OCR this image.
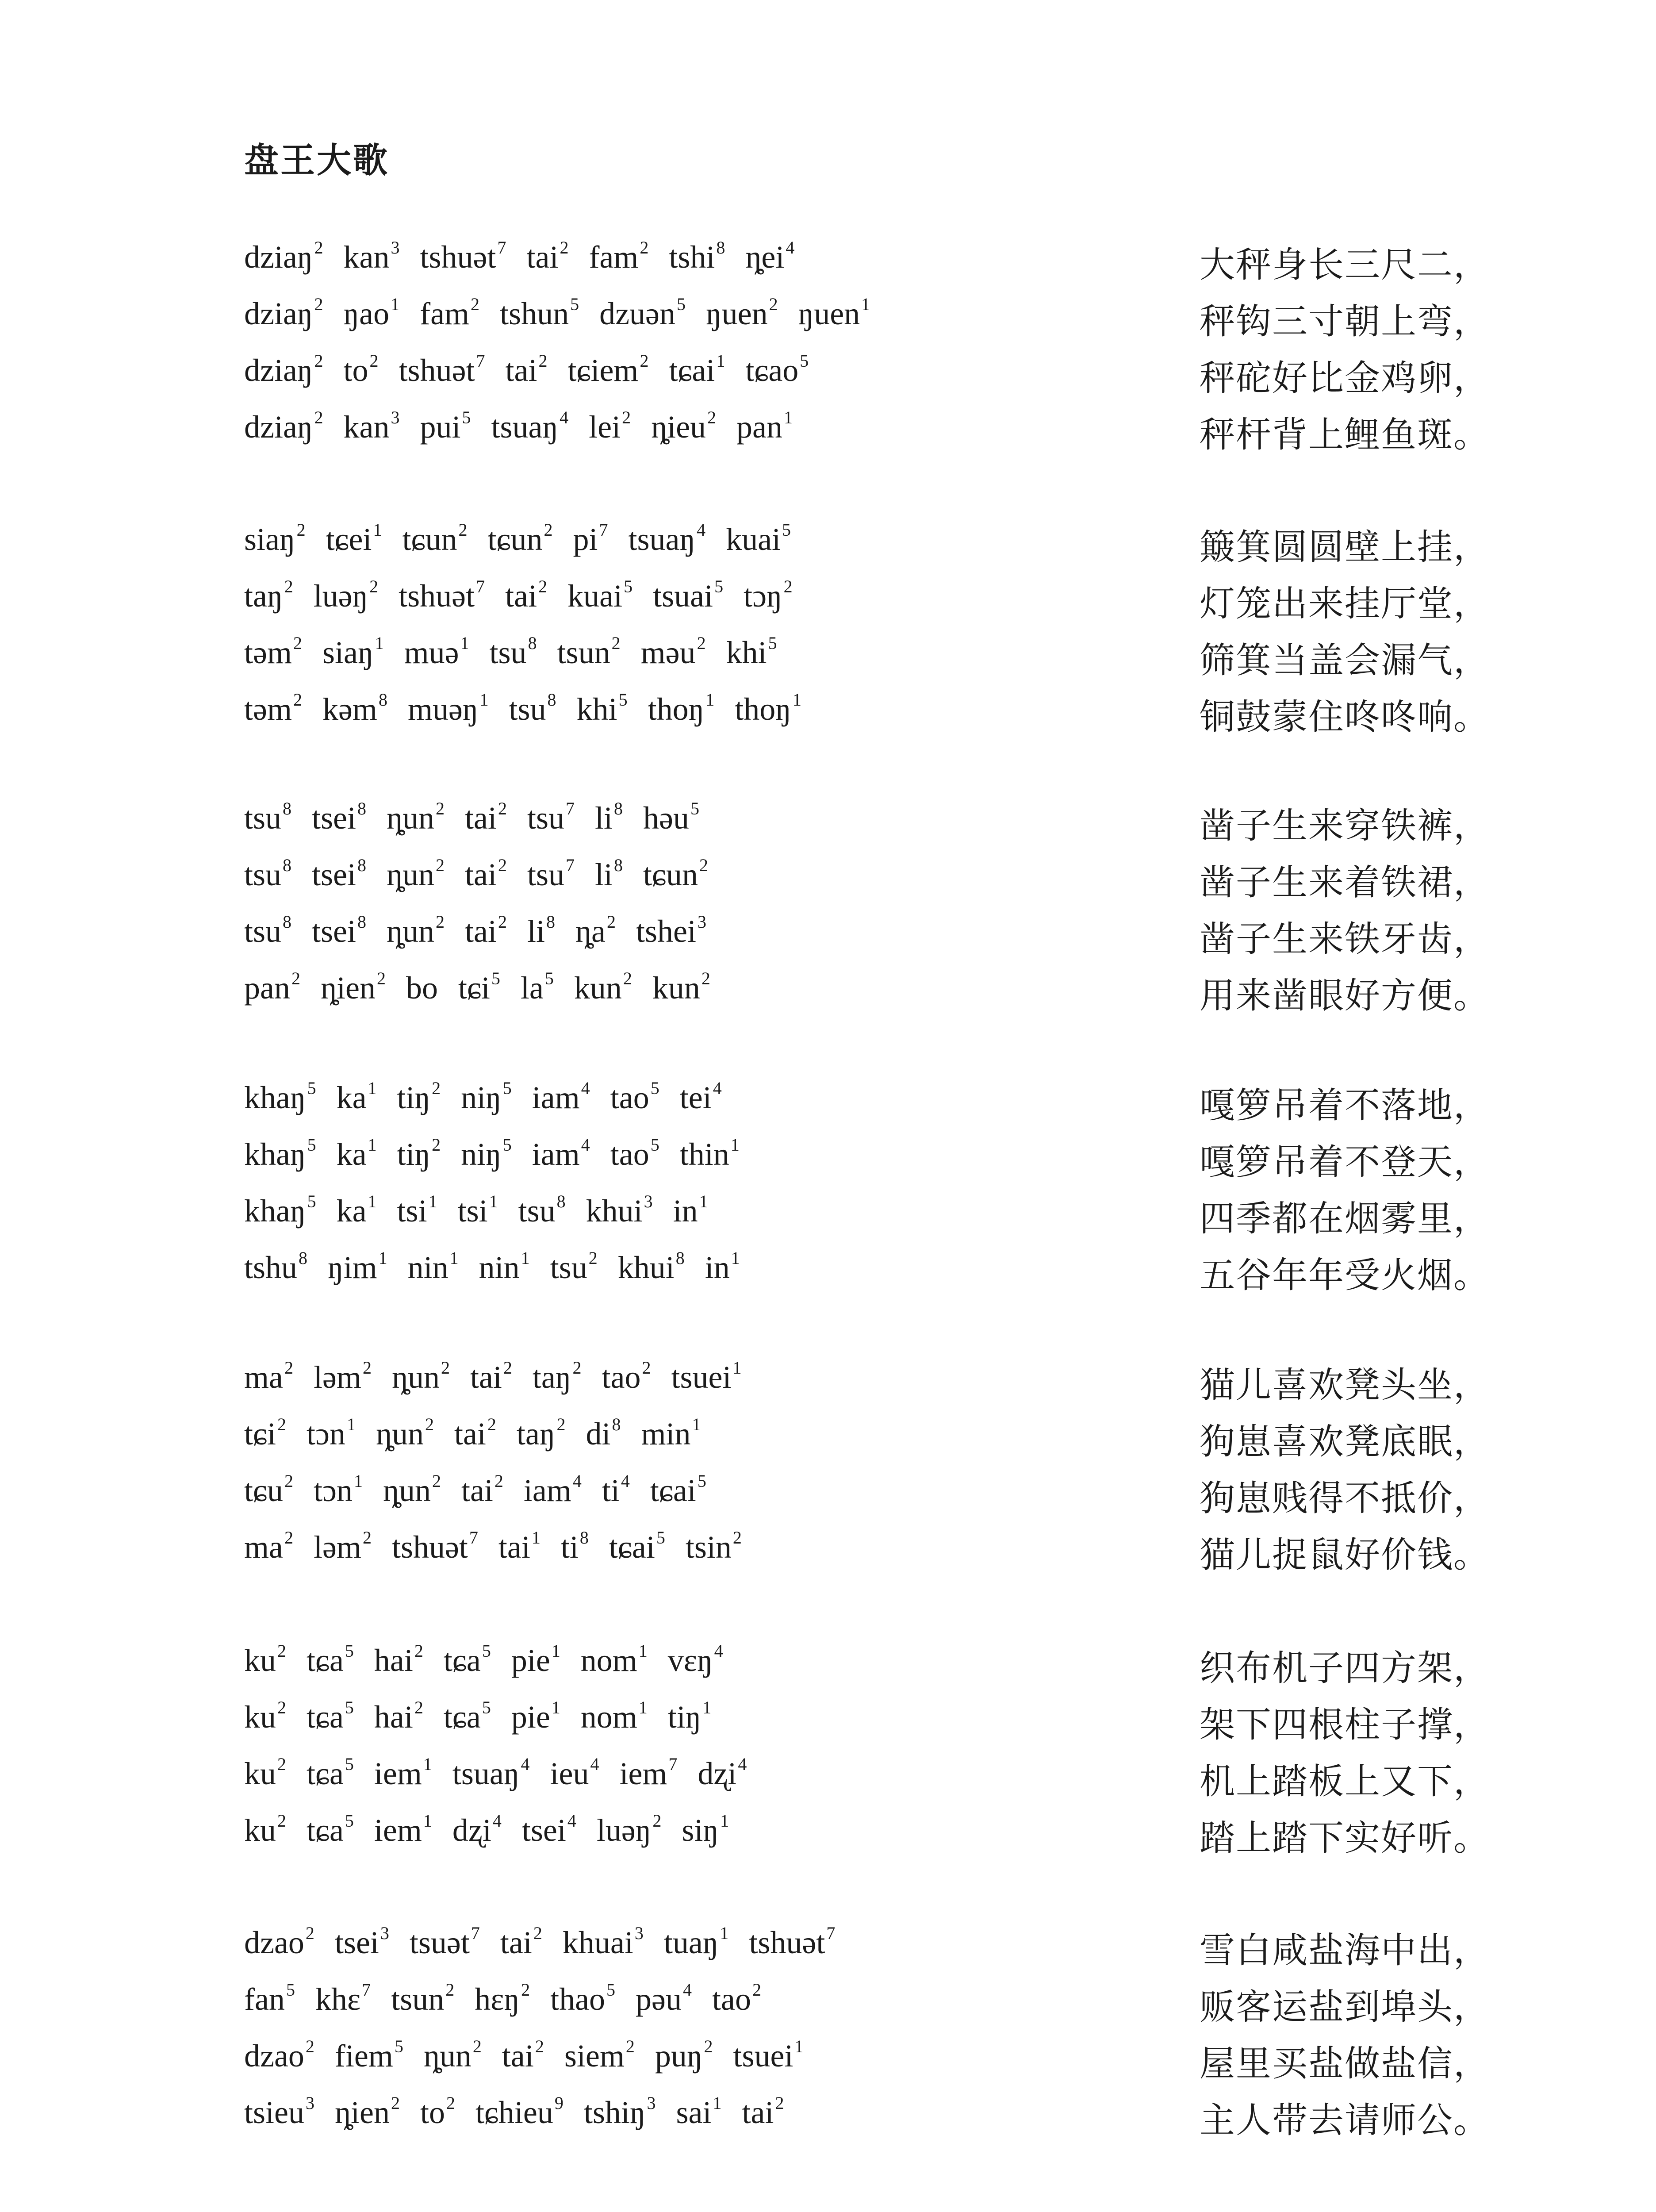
盘王大歌
dziaŋ$^2$ kan$^3$ tshuət$^7$ tai$^2$ fam$^2$ tshi$^8$ ȵei$^4$	大秤身长三尺二，
dziaŋ$^2$ ŋao$^1$ fam$^2$ tshun$^5$ dzuən$^5$ ŋuen$^2$ ŋuen$^1$	秤钩三寸朝上弯，
dziaŋ$^2$ $to^2$ tshuət$^7$ tai$^2$ tɕiem$^2$ tɕai$^1$ tɕao$^5$	秤砣好比金鸡卵，
dziaŋ$^2$ kan$^3$ pui$^5$ tsuaŋ$^4$ lei$^2$ ȵieu$^2$ pan$^1$	秤杆背上鲤鱼斑。
siaŋ$^2$ tɕei$^1$ tɕun$^2$ tɕun$^2$ $pi^7$ tsuaŋ$^4$ kuai$^5$	簸箕圆圆壁上挂，
taŋ$^2$ luəŋ$^2$ tshuət$^7$ tai$^2$ kuai$^5$ tsuai$^5$ tɔŋ$^2$	灯笼出来挂厅堂，
təm$^2$ siaŋ$^1$ muə$^1$ tsu$^8$ tsun$^2$ məu$^2$ khi$^5$	筛箕当盖会漏气，
təm$^2$ kəm$^8$ muəŋ$^1$ tsu$^8$ khi$^5$ thoŋ$^1$ thoŋ$^1$	铜鼓蒙住咚咚响。
tsu$^8$ tsei$^8$ ȵun$^2$ tai$^2$ tsu$^7$ $li^8$ həu$^5$	凿子生来穿铁裤，
tsu$^8$ tsei$^8$ ȵun$^2$ tai$^2$ tsu$^7$ $li^8$ tɕun$^2$	凿子生来着铁裙，
tsu$^8$ tsei$^8$ ȵun$^2$ tai$^2$ $li^8$ $ȵa^2$ tshei$^3$	凿子生来铁牙齿，
pan$^2$ ȵien$^2$ bo tɕi$^5$ $la^5$ kun$^2$ kun$^2$	用来凿眼好方便。
khaŋ$^5$ $ka^1$ tiŋ$^2$ niŋ$^5$ iam$^4$ tao$^5$ tei$^4$	嘎箩吊着不落地，
khaŋ$^5$ $ka^1$ tiŋ$^2$ niŋ$^5$ iam$^4$ tao$^5$ thin$^1$	嘎箩吊着不登天，
khaŋ$^5$ $ka^1$ tsi$^1$ tsi$^1$ tsu$^8$ khui$^3$ $in^1$	四季都在烟雾里，
tshu$^8$ ŋim$^1$ nin$^1$ nin$^1$ tsu$^2$ khui$^8$ $in^1$	五谷年年受火烟。
$ma^2$ ləm$^2$ ȵun$^2$ tai$^2$ taŋ$^2$ tao$^2$ tsuei$^1$	猫儿喜欢凳头坐，
tɕi$^2$ tɔn$^1$ ȵun$^2$ tai$^2$ taŋ$^2$ $di^8$ $\min^1$	狗崽喜欢凳底眠，
tɕu$^2$ tɔn$^1$ ȵun$^2$ tai$^2$ iam$^4$ $ti^4$ tɕai$^5$	狗崽贱得不抵价，
$ma^2$ ləm$^2$ tshuət$^7$ tai$^1$ $ti^8$ tɕai$^5$ tsin$^2$	猫儿捉鼠好价钱。
$ku^2$ tɕa$^5$ hai$^2$ tɕa$^5$ pie$^1$ nom$^1$ vɛŋ$^4$	织布机子四方架，
$ku^2$ tɕa$^5$ hai$^2$ tɕa$^5$ pie$^1$ nom$^1$ tiŋ$^1$	架下四根柱子撑，
$ku^2$ tɕa$^5$ iem$^1$ tsuaŋ$^4$ ieu$^4$ iem$^7$ dʐi$^4$	机上踏板上又下，
$ku^2$ tɕa$^5$ iem$^1$ dʐi$^4$ tsei$^4$ luəŋ$^2$ siŋ$^1$	踏上踏下实好听。
dzao$^2$ tsei$^3$ tsuət$^7$ tai$^2$ khuai$^3$ tuaŋ$^1$ tshuət$^7$	雪白咸盐海中出，
fan$^5$ khɛ$^7$ tsun$^2$ hɛŋ$^2$ thao$^5$ pəu$^4$ tao$^2$	贩客运盐到埠头，
dzao$^2$ fiem$^5$ ȵun$^2$ tai$^2$ siem$^2$ puŋ$^2$ tsuei$^1$	屋里买盐做盐信，
tsieu$^3$ ȵien$^2$ $to^2$ tɕhieu$^9$ tshiŋ$^3$ sai$^1$ tai$^2$	主人带去请师公。
